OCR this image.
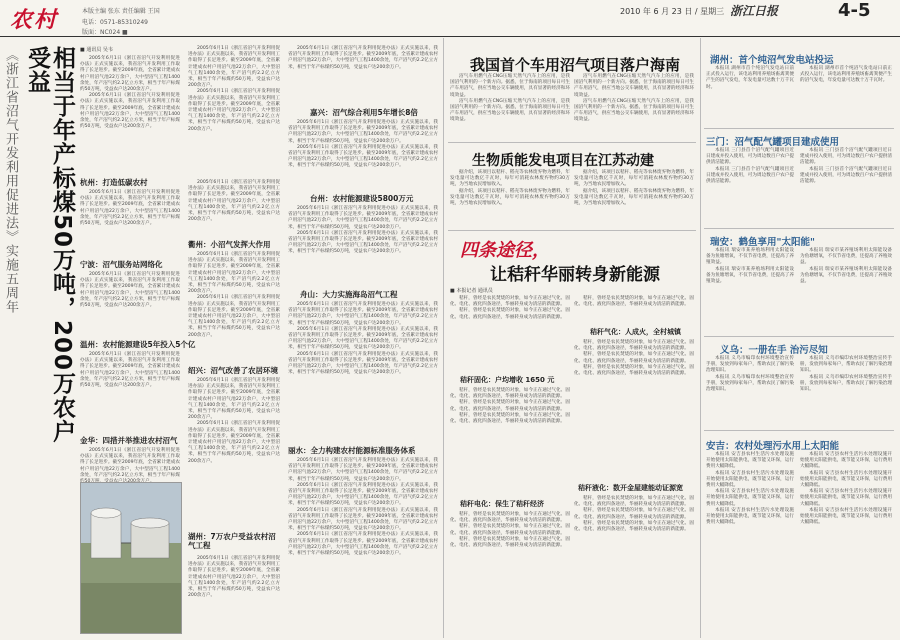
农村	本版主编 张东 责任编辑 王国
电话：0571-85310249
版面：NC024 ■
2010 年 6 月 23 日 / 星期三 浙江日报	4-5
《浙江省沼气开发利用促进法》实施五周年	相当于年产标煤50万吨，200万农户受益	■ 通讯员 吴韦

2005年6月1日《浙江省沼气开发利用促进办法》正式实施以来，我省沼气开发利用工作取得了长足进步。截至2009年底，全省累计建成农村户用沼气池22万余户，大中型沼气工程1400余处，年产沼气约2.2亿立方米，相当于年产标煤约50万吨，受益农户达200余万户。

2005年6月1日《浙江省沼气开发利用促进办法》正式实施以来，我省沼气开发利用工作取得了长足进步。截至2009年底，全省累计建成农村户用沼气池22万余户，大中型沼气工程1400余处，年产沼气约2.2亿立方米，相当于年产标煤约50万吨，受益农户达200余万户。

杭州：打造低碳农村

2005年6月1日《浙江省沼气开发利用促进办法》正式实施以来，我省沼气开发利用工作取得了长足进步。截至2009年底，全省累计建成农村户用沼气池22万余户，大中型沼气工程1400余处，年产沼气约2.2亿立方米，相当于年产标煤约50万吨，受益农户达200余万户。

宁波：沼气服务站网络化

2005年6月1日《浙江省沼气开发利用促进办法》正式实施以来，我省沼气开发利用工作取得了长足进步。截至2009年底，全省累计建成农村户用沼气池22万余户，大中型沼气工程1400余处，年产沼气约2.2亿立方米，相当于年产标煤约50万吨，受益农户达200余万户。

温州：农村能源建设5年投入5个亿

2005年6月1日《浙江省沼气开发利用促进办法》正式实施以来，我省沼气开发利用工作取得了长足进步。截至2009年底，全省累计建成农村户用沼气池22万余户，大中型沼气工程1400余处，年产沼气约2.2亿立方米，相当于年产标煤约50万吨，受益农户达200余万户。

金华：四措并举推进农村沼气

2005年6月1日《浙江省沼气开发利用促进办法》正式实施以来，我省沼气开发利用工作取得了长足进步。截至2009年底，全省累计建成农村户用沼气池22万余户，大中型沼气工程1400余处，年产沼气约2.2亿立方米，相当于年产标煤

2005年6月1日《浙江省沼气开发利用促进办法》正式实施以来，我省沼气开发利用工作取得了长足进步。截至2009年底，全省累计建成农村户用沼气池22万余户，大中型沼气工程1400余处，年产沼气约2.2亿立方米，相当于年产标煤约50万吨，受益农户达200余万户。

2005年6月1日《浙江省沼气开发利用促进办法》正式实施以来，我省沼气开发利用工作取得了长足进步。截至2009年底，全省累计建成农村户用沼气池22万余户，大中型沼气工程1400余处，年产沼气约2.2亿立方米，相当于年产标煤约50万吨，受益农户达200余万户。

衢州：小沼气发挥大作用

2005年6月1日《浙江省沼气开发利用促进办法》正式实施以来，我省沼气开发利用工作取得了长足进步。截至2009年底，全省累计建成农村户用沼气池22万余户，大中型沼气工程1400余处，年产沼气约2.2亿立方米，相当于年产标煤约50万吨，受益农户达200余万户。

2005年6月1日《浙江省沼气开发利用促进办法》正式实施以来，我省沼气开发利用工作取得了长足进步。截至2009年底，全省累计建成农村户用沼气池22万余户，大中型沼气工程1400余处，年产沼气约2.2亿立方米，相当于年产标煤约50万吨，受益农户达200余万户。

2005年6月1日《浙江省沼气开发利用促进办法》正式实施以来，我省沼气开发利用工作取得了长足进步。截至2009年底，全省累计建成农村户用沼气池22万余户，大中型沼气工程1400余处，年产沼气约2.2亿立方米，相当于年产标煤约50万吨，受益农户达200余万户。

绍兴：沼气改善了农居环境

2005年6月1日《浙江省沼气开发利用促进办法》正式实施以来，我省沼气开发利用工作取得了长足进步。截至2009年底，全省累计建成农村户用沼气池22万余户，大中型沼气工程1400余处，年产沼气约2.2亿立方米，相当于年产标煤约50万吨，受益农户达200余万户。

2005年6月1日《浙江省沼气开发利用促进办法》正式实施以来，我省沼气开发利用工作取得了长足进步。截至2009年底，全省累计建成农村户用沼气池22万余户，大中型沼气工程1400余处，年产沼气约2.2亿立方米，相当于年产标煤约50万吨，受益农户达200余万户。

湖州：7万农户受益农村沼气工程

2005年6月1日《浙江省沼气开发利用促进办法》正式实施以来，我省沼气开发利用工作取得了长足进步。截至2009年底，全省累计建成农村户用沼气池22万余户，大中型沼气工程1400余处，年产沼气约2.2亿立方米，相当于年产标煤约50万吨，受益农户达200余万户。

2005年6月1日《浙江省沼气开发利用促进办法》正式实施以来，我省沼气开发利用工作取得了长足进步。截至2009年底，全省累计建成农村户用沼气池22万余户，大中型沼气工程1400余处，年产沼气约2.2亿立方米，相当于年产标煤约50万吨，受益农户达200余万户。

嘉兴：沼气综合利用5年增长8倍

2005年6月1日《浙江省沼气开发利用促进办法》正式实施以来，我省沼气开发利用工作取得了长足进步。截至2009年底，全省累计建成农村户用沼气池22万余户，大中型沼气工程1400余处，年产沼气约2.2亿立方米，相当于年产标煤约50万吨，受益农户达200余万户。

2005年6月1日《浙江省沼气开发利用促进办法》正式实施以来，我省沼气开发利用工作取得了长足进步。截至2009年底，全省累计建成农村户用沼气池22万余户，大中型沼气工程1400余处，年产沼气约2.2亿立方米，相当于年产标煤约50万吨，受益农户达200余万户。

台州：农村能源建设5800万元

2005年6月1日《浙江省沼气开发利用促进办法》正式实施以来，我省沼气开发利用工作取得了长足进步。截至2009年底，全省累计建成农村户用沼气池22万余户，大中型沼气工程1400余处，年产沼气约2.2亿立方米，相当于年产标煤约50万吨，受益农户达200余万户。

2005年6月1日《浙江省沼气开发利用促进办法》正式实施以来，我省沼气开发利用工作取得了长足进步。截至2009年底，全省累计建成农村户用沼气池22万余户，大中型沼气工程1400余处，年产沼气约2.2亿立方米，相当于年产标煤约50万吨，受益农户达200余万户。

舟山：大力实施海岛沼气工程

2005年6月1日《浙江省沼气开发利用促进办法》正式实施以来，我省沼气开发利用工作取得了长足进步。截至2009年底，全省累计建成农村户用沼气池22万余户，大中型沼气工程1400余处，年产沼气约2.2亿立方米，相当于年产标煤约50万吨，受益农户达200余万户。

2005年6月1日《浙江省沼气开发利用促进办法》正式实施以来，我省沼气开发利用工作取得了长足进步。截至2009年底，全省累计建成农村户用沼气池22万余户，大中型沼气工程1400余处，年产沼气约2.2亿立方米，相当于年产标煤约50万吨，受益农户达200余万户。

2005年6月1日《浙江省沼气开发利用促进办法》正式实施以来，我省沼气开发利用工作取得了长足进步。截至2009年底，全省累计建成农村户用沼气池22万余户，大中型沼气工程1400余处，年产沼气约2.2亿立方米，相当于年产标煤约50万吨，受益农户达200余万户。

丽水：全力构建农村能源标准服务体系

2005年6月1日《浙江省沼气开发利用促进办法》正式实施以来，我省沼气开发利用工作取得了长足进步。截至2009年底，全省累计建成农村户用沼气池22万余户，大中型沼气工程1400余处，年产沼气约2.2亿立方米，相当于年产标煤约50万吨，受益农户达200余万户。

2005年6月1日《浙江省沼气开发利用促进办法》正式实施以来，我省沼气开发利用工作取得了长足进步。截至2009年底，全省累计建成农村户用沼气池22万余户，大中型沼气工程1400余处，年产沼气约2.2亿立方米，相当于年产标煤约50万吨，受益农户达200余万户。

2005年6月1日《浙江省沼气开发利用促进办法》正式实施以来，我省沼气开发利用工作取得了长足进步。截至2009年底，全省累计建成农村户用沼气池22万余户，大中型沼气工程1400余处，年产沼气约2.2亿立方米，相当于年产标煤约50万吨，受益农户达200余万户。

2005年6月1日《浙江省沼气开发利用促进办法》正式实施以来，我省沼气开发利用工作取得了长足进步。截至2009年底，全省累计建成农村户用沼气池22万余户，大中型沼气工程1400余处，年产沼气约2.2亿立方米，相当于年产标煤约50万吨，受益农户达200余万户。

我国首个车用沼气项目落户海南

沼气车用燃气在CNG压缩天然气汽车上的应用，是我国沼气利用的一个新方向。据悉，位于海南的项目每日可生产车用沼气，供应当地公交车辆使用，具有显著的经济和环境效益。

沼气车用燃气在CNG压缩天然气汽车上的应用，是我国沼气利用的一个新方向。据悉，位于海南的项目每日可生产车用沼气，供应当地公交车辆使用，具有显著的经济和环境效益。

沼气车用燃气在CNG压缩天然气汽车上的应用，是我国沼气利用的一个新方向。据悉，位于海南的项目每日可生产车用沼气，供应当地公交车辆使用，具有显著的经济和环境效益。

沼气车用燃气在CNG压缩天然气汽车上的应用，是我国沼气利用的一个新方向。据悉，位于海南的项目每日可生产车用沼气，供应当地公交车辆使用，具有显著的经济和环境效益。

生物质能发电项目在江苏动建

据介绍，该项目以秸秆、稻壳等农林废弃物为燃料，年发电量可达数亿千瓦时，每年可消耗农林废弃物约30万吨，为当地农民增加收入。

据介绍，该项目以秸秆、稻壳等农林废弃物为燃料，年发电量可达数亿千瓦时，每年可消耗农林废弃物约30万吨，为当地农民增加收入。

据介绍，该项目以秸秆、稻壳等农林废弃物为燃料，年发电量可达数亿千瓦时，每年可消耗农林废弃物约30万吨，为当地农民增加收入。

据介绍，该项目以秸秆、稻壳等农林废弃物为燃料，年发电量可达数亿千瓦时，每年可消耗农林废弃物约30万吨，为当地农民增加收入。

四条途径，
让秸秆华丽转身新能源
■ 本报记者 通讯员

秸秆，曾经是农民焚烧的对象，如今正在通过气化、固化、电化、液化四条途径，华丽转身成为清洁的新能源。

秸秆，曾经是农民焚烧的对象，如今正在通过气化、固化、电化、液化四条途径，华丽转身成为清洁的新能源。

秸秆固化：户均增收 1650 元

秸秆，曾经是农民焚烧的对象，如今正在通过气化、固化、电化、液化四条途径，华丽转身成为清洁的新能源。

秸秆，曾经是农民焚烧的对象，如今正在通过气化、固化、电化、液化四条途径，华丽转身成为清洁的新能源。

秸秆，曾经是农民焚烧的对象，如今正在通过气化、固化、电化、液化四条途径，华丽转身成为清洁的新能源。

秸秆电化：保生了秸秆经济

秸秆，曾经是农民焚烧的对象，如今正在通过气化、固化、电化、液化四条途径，华丽转身成为清洁的新能源。

秸秆，曾经是农民焚烧的对象，如今正在通过气化、固化、电化、液化四条途径，华丽转身成为清洁的新能源。

秸秆，曾经是农民焚烧的对象，如今正在通过气化、固化、电化、液化四条途径，华丽转身成为清洁的新能源。

秸秆，曾经是农民焚烧的对象，如今正在通过气化、固化、电化、液化四条途径，华丽转身成为清洁的新能源。

秸秆气化：人成火，全村城镇

秸秆，曾经是农民焚烧的对象，如今正在通过气化、固化、电化、液化四条途径，华丽转身成为清洁的新能源。

秸秆，曾经是农民焚烧的对象，如今正在通过气化、固化、电化、液化四条途径，华丽转身成为清洁的新能源。

秸秆，曾经是农民焚烧的对象，如今正在通过气化、固化、电化、液化四条途径，华丽转身成为清洁的新能源。

秸秆液化：数开金屋建能动证源宽

秸秆，曾经是农民焚烧的对象，如今正在通过气化、固化、电化、液化四条途径，华丽转身成为清洁的新能源。

秸秆，曾经是农民焚烧的对象，如今正在通过气化、固化、电化、液化四条途径，华丽转身成为清洁的新能源。

秸秆，曾经是农民焚烧的对象，如今正在通过气化、固化、电化、液化四条途径，华丽转身成为清洁的新能源。

湖州：首个纯沼气发电站投运

本报讯 湖州市首个纯沼气发电站日前正式投入运行，该电站利用养殖场畜禽粪便产生的沼气发电，年发电量可达数十万千瓦时。

本报讯 湖州市首个纯沼气发电站日前正式投入运行，该电站利用养殖场畜禽粪便产生的沼气发电，年发电量可达数十万千瓦时。

三门：沼气配气罐项目建成使用

本报讯 三门县首个沼气配气罐项目近日建成并投入使用，可为周边数百户农户提供清洁能源。

本报讯 三门县首个沼气配气罐项目近日建成并投入使用，可为周边数百户农户提供清洁能源。

本报讯 三门县首个沼气配气罐项目近日建成并投入使用，可为周边数百户农户提供清洁能源。

本报讯 三门县首个沼气配气罐项目近日建成并投入使用，可为周边数百户农户提供清洁能源。

瑞安：鹤鱼享用"太阳能"

本报讯 瑞安市某养殖场利用太阳能设备为鱼塘增氧，不仅节省电费，还提高了养殖效益。

本报讯 瑞安市某养殖场利用太阳能设备为鱼塘增氧，不仅节省电费，还提高了养殖效益。

本报讯 瑞安市某养殖场利用太阳能设备为鱼塘增氧，不仅节省电费，还提高了养殖效益。

本报讯 瑞安市某养殖场利用太阳能设备为鱼塘增氧，不仅节省电费，还提高了养殖效益。

义乌：一册在手 治污尽知

本报讯 义乌市编印农村环境整治宣传手册，发放到每家每户，帮助农民了解污染治理知识。

本报讯 义乌市编印农村环境整治宣传手册，发放到每家每户，帮助农民了解污染治理知识。

本报讯 义乌市编印农村环境整治宣传手册，发放到每家每户，帮助农民了解污染治理知识。

本报讯 义乌市编印农村环境整治宣传手册，发放到每家每户，帮助农民了解污染治理知识。

安吉：农村处理污水用上太阳能

本报讯 安吉县农村生活污水处理设施开始使用太阳能供电，既节能又环保，运行费用大幅降低。

本报讯 安吉县农村生活污水处理设施开始使用太阳能供电，既节能又环保，运行费用大幅降低。

本报讯 安吉县农村生活污水处理设施开始使用太阳能供电，既节能又环保，运行费用大幅降低。

本报讯 安吉县农村生活污水处理设施开始使用太阳能供电，既节能又环保，运行费用大幅降低。

本报讯 安吉县农村生活污水处理设施开始使用太阳能供电，既节能又环保，运行费用大幅降低。

本报讯 安吉县农村生活污水处理设施开始使用太阳能供电，既节能又环保，运行费用大幅降低。

本报讯 安吉县农村生活污水处理设施开始使用太阳能供电，既节能又环保，运行费用大幅降低。

本报讯 安吉县农村生活污水处理设施开始使用太阳能供电，既节能又环保，运行费用大幅降低。
